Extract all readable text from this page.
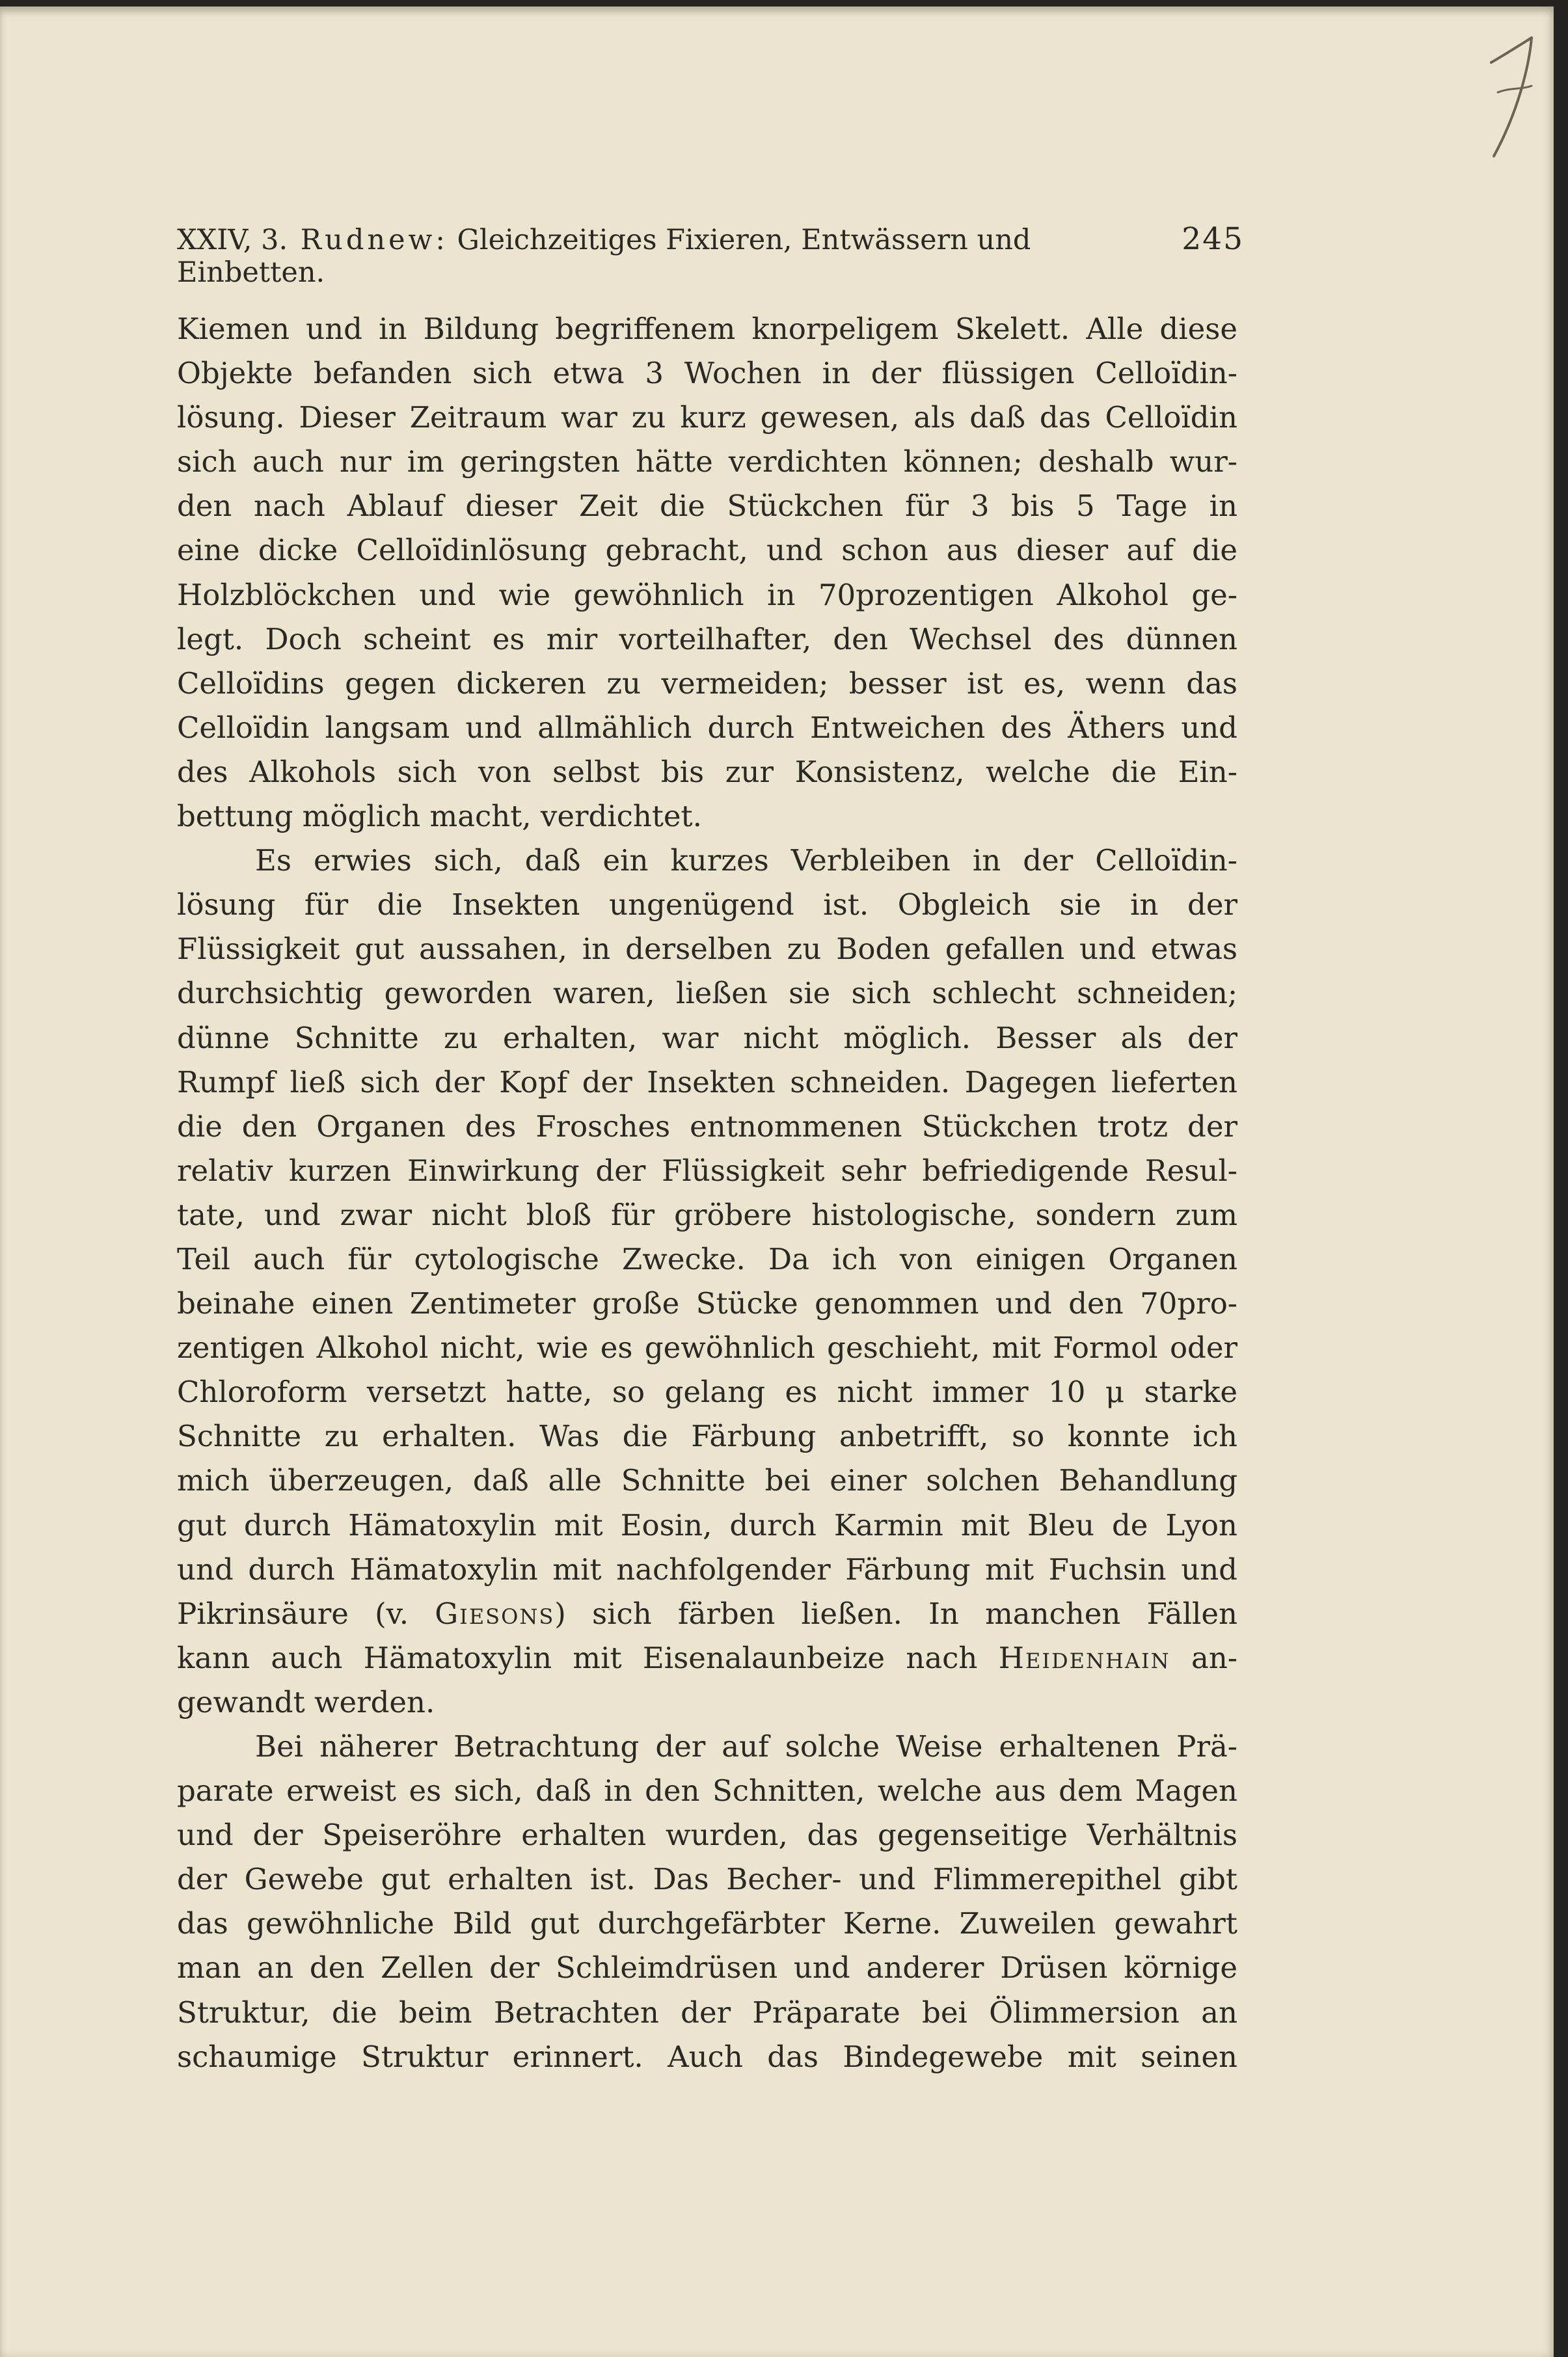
XXIV, 3. Rudnew: Gleichzeitiges Fixieren, Entwässern und Einbetten.
245
Kiemen und in Bildung begriffenem knorpeligem Skelett. Alle diese
Objekte befanden sich etwa 3 Wochen in der flüssigen Celloïdin-
lösung. Dieser Zeitraum war zu kurz gewesen, als daß das Celloïdin
sich auch nur im geringsten hätte verdichten können; deshalb wur-
den nach Ablauf dieser Zeit die Stückchen für 3 bis 5 Tage in
eine dicke Celloïdinlösung gebracht, und schon aus dieser auf die
Holzblöckchen und wie gewöhnlich in 70prozentigen Alkohol ge-
legt. Doch scheint es mir vorteilhafter, den Wechsel des dünnen
Celloïdins gegen dickeren zu vermeiden; besser ist es, wenn das
Celloïdin langsam und allmählich durch Entweichen des Äthers und
des Alkohols sich von selbst bis zur Konsistenz, welche die Ein-
bettung möglich macht, verdichtet.
Es erwies sich, daß ein kurzes Verbleiben in der Celloïdin-
lösung für die Insekten ungenügend ist. Obgleich sie in der
Flüssigkeit gut aussahen, in derselben zu Boden gefallen und etwas
durchsichtig geworden waren, ließen sie sich schlecht schneiden;
dünne Schnitte zu erhalten, war nicht möglich. Besser als der
Rumpf ließ sich der Kopf der Insekten schneiden. Dagegen lieferten
die den Organen des Frosches entnommenen Stückchen trotz der
relativ kurzen Einwirkung der Flüssigkeit sehr befriedigende Resul-
tate, und zwar nicht bloß für gröbere histologische, sondern zum
Teil auch für cytologische Zwecke. Da ich von einigen Organen
beinahe einen Zentimeter große Stücke genommen und den 70pro-
zentigen Alkohol nicht, wie es gewöhnlich geschieht, mit Formol oder
Chloroform versetzt hatte, so gelang es nicht immer 10 μ starke
Schnitte zu erhalten. Was die Färbung anbetrifft, so konnte ich
mich überzeugen, daß alle Schnitte bei einer solchen Behandlung
gut durch Hämatoxylin mit Eosin, durch Karmin mit Bleu de Lyon
und durch Hämatoxylin mit nachfolgender Färbung mit Fuchsin und
Pikrinsäure (v. Giesons) sich färben ließen. In manchen Fällen
kann auch Hämatoxylin mit Eisenalaunbeize nach Heidenhain an-
gewandt werden.
Bei näherer Betrachtung der auf solche Weise erhaltenen Prä-
parate erweist es sich, daß in den Schnitten, welche aus dem Magen
und der Speiseröhre erhalten wurden, das gegenseitige Verhältnis
der Gewebe gut erhalten ist. Das Becher- und Flimmerepithel gibt
das gewöhnliche Bild gut durchgefärbter Kerne. Zuweilen gewahrt
man an den Zellen der Schleimdrüsen und anderer Drüsen körnige
Struktur, die beim Betrachten der Präparate bei Ölimmersion an
schaumige Struktur erinnert. Auch das Bindegewebe mit seinen
